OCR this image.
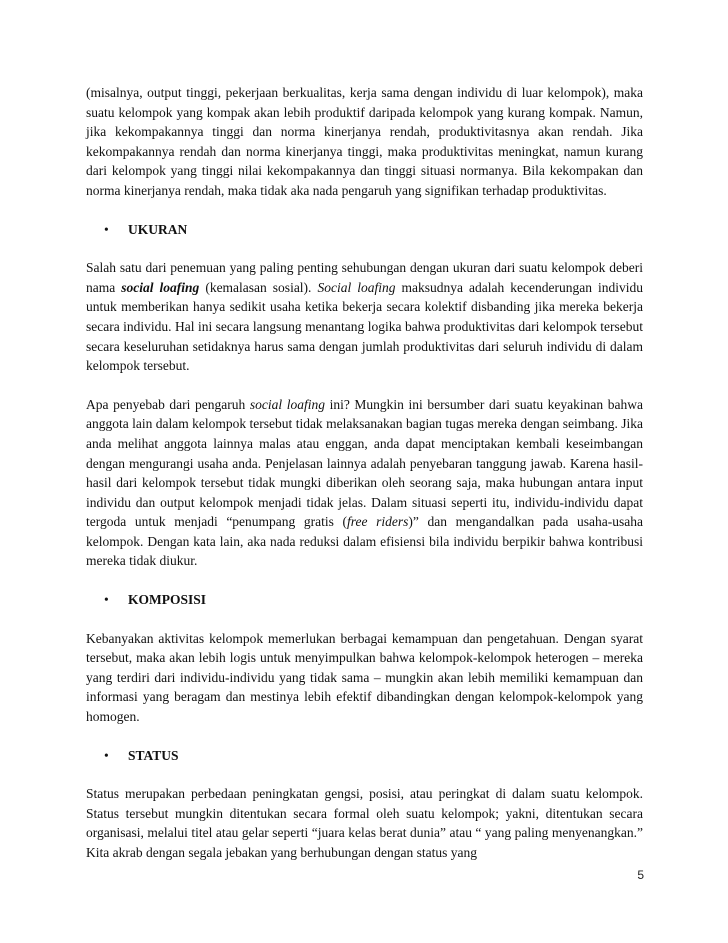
(misalnya, output tinggi, pekerjaan berkualitas, kerja sama dengan individu di luar kelompok), maka suatu kelompok yang kompak akan lebih produktif daripada kelompok yang kurang kompak. Namun, jika kekompakannya tinggi dan norma kinerjanya rendah, produktivitasnya akan rendah. Jika kekompakannya rendah dan norma kinerjanya tinggi, maka produktivitas meningkat, namun kurang dari kelompok yang tinggi nilai kekompakannya dan tinggi situasi normanya. Bila kekompakan dan norma kinerjanya rendah, maka tidak aka nada pengaruh yang signifikan terhadap produktivitas.

• UKURAN

Salah satu dari penemuan yang paling penting sehubungan dengan ukuran dari suatu kelompok deberi nama social loafing (kemalasan sosial). Social loafing maksudnya adalah kecenderungan individu untuk memberikan hanya sedikit usaha ketika bekerja secara kolektif disbanding jika mereka bekerja secara individu. Hal ini secara langsung menantang logika bahwa produktivitas dari kelompok tersebut secara keseluruhan setidaknya harus sama dengan jumlah produktivitas dari seluruh individu di dalam kelompok tersebut.

Apa penyebab dari pengaruh social loafing ini? Mungkin ini bersumber dari suatu keyakinan bahwa anggota lain dalam kelompok tersebut tidak melaksanakan bagian tugas mereka dengan seimbang. Jika anda melihat anggota lainnya malas atau enggan, anda dapat menciptakan kembali keseimbangan dengan mengurangi usaha anda. Penjelasan lainnya adalah penyebaran tanggung jawab. Karena hasil-hasil dari kelompok tersebut tidak mungki diberikan oleh seorang saja, maka hubungan antara input individu dan output kelompok menjadi tidak jelas. Dalam situasi seperti itu, individu-individu dapat tergoda untuk menjadi “penumpang gratis (free riders)” dan mengandalkan pada usaha-usaha kelompok. Dengan kata lain, aka nada reduksi dalam efisiensi bila individu berpikir bahwa kontribusi mereka tidak diukur.

• KOMPOSISI

Kebanyakan aktivitas kelompok memerlukan berbagai kemampuan dan pengetahuan. Dengan syarat tersebut, maka akan lebih logis untuk menyimpulkan bahwa kelompok-kelompok heterogen – mereka yang terdiri dari individu-individu yang tidak sama – mungkin akan lebih memiliki kemampuan dan informasi yang beragam dan mestinya lebih efektif dibandingkan dengan kelompok-kelompok yang homogen.

• STATUS

Status merupakan perbedaan peningkatan gengsi, posisi, atau peringkat di dalam suatu kelompok. Status tersebut mungkin ditentukan secara formal oleh suatu kelompok; yakni, ditentukan secara organisasi, melalui titel atau gelar seperti “juara kelas berat dunia” atau “ yang paling menyenangkan.” Kita akrab dengan segala jebakan yang berhubungan dengan status yang

5
